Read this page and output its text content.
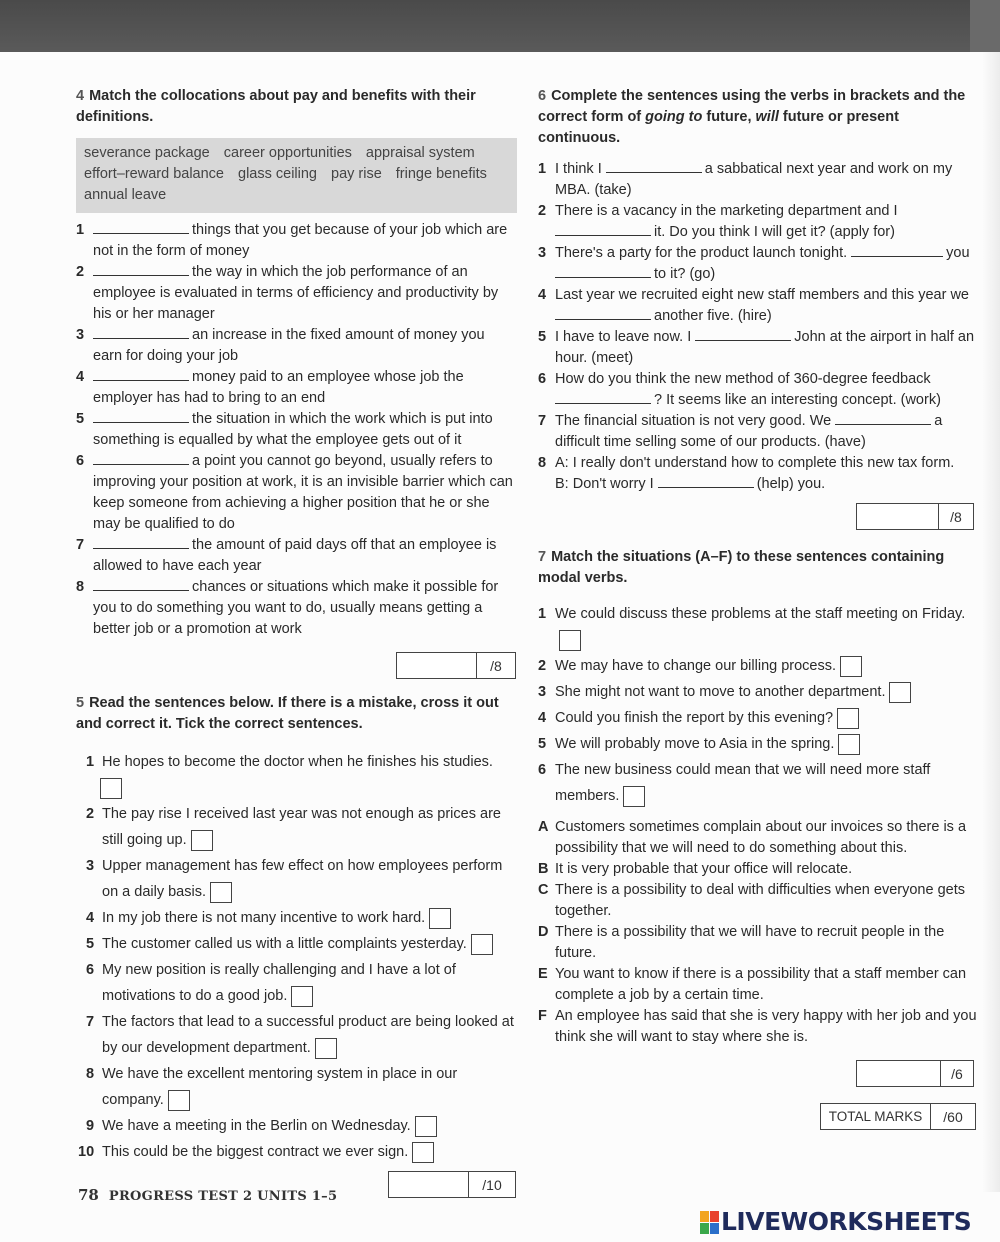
4 Match the collocations about pay and benefits with their definitions.
severance package career opportunities appraisal system effort–reward balance glass ceiling pay rise fringe benefits annual leave
1	things that you get because of your job which are not in the form of money
2	the way in which the job performance of an employee is evaluated in terms of efficiency and productivity by his or her manager
3	an increase in the fixed amount of money you earn for doing your job
4	money paid to an employee whose job the employer has had to bring to an end
5	the situation in which the work which is put into something is equalled by what the employee gets out of it
6	a point you cannot go beyond, usually refers to improving your position at work, it is an invisible barrier which can keep someone from achieving a higher position that he or she may be qualified to do
7	the amount of paid days off that an employee is allowed to have each year
8	chances or situations which make it possible for you to do something you want to do, usually means getting a better job or a promotion at work
/8
5 Read the sentences below. If there is a mistake, cross it out and correct it. Tick the correct sentences.
1 He hopes to become the doctor when he finishes his studies.

2 The pay rise I received last year was not enough as prices are still going up.
3 Upper management has few effect on how employees perform on a daily basis.
4 In my job there is not many incentive to work hard.
5 The customer called us with a little complaints yesterday.
6 My new position is really challenging and I have a lot of motivations to do a good job.
7 The factors that lead to a successful product are being looked at by our development department.
8 We have the excellent mentoring system in place in our company.
9 We have a meeting in the Berlin on Wednesday.
10 This could be the biggest contract we ever sign.
/10
6 Complete the sentences using the verbs in brackets and the correct form of going to future, will future or present continuous.
1 I think I	a sabbatical next year and work on my MBA. (take)
2 There is a vacancy in the marketing department and I
it. Do you think I will get it? (apply for)
3 There's a party for the product launch tonight.	you
to it? (go)
4 Last year we recruited eight new staff members and this year we
another five. (hire)
5 I have to leave now. I	John at the airport in half an hour. (meet)
6 How do you think the new method of 360-degree feedback
? It seems like an interesting concept. (work)
7 The financial situation is not very good. We	a difficult time selling some of our products. (have)
8 A: I really don't understand how to complete this new tax form.
B: Don't worry I	(help) you.
/8
7 Match the situations (A–F) to these sentences containing modal verbs.
1 We could discuss these problems at the staff meeting on Friday.
2 We may have to change our billing process.
3 She might not want to move to another department.
4 Could you finish the report by this evening?
5 We will probably move to Asia in the spring.
6 The new business could mean that we will need more staff members.
A Customers sometimes complain about our invoices so there is a possibility that we will need to do something about this.
B It is very probable that your office will relocate.
C There is a possibility to deal with difficulties when everyone gets together.
D There is a possibility that we will have to recruit people in the future.
E You want to know if there is a possibility that a staff member can complete a job by a certain time.
F An employee has said that she is very happy with her job and you think she will want to stay where she is.
/6
TOTAL MARKS	/60
78 PROGRESS TEST 2 UNITS 1–5
LIVEWORKSHEETS
